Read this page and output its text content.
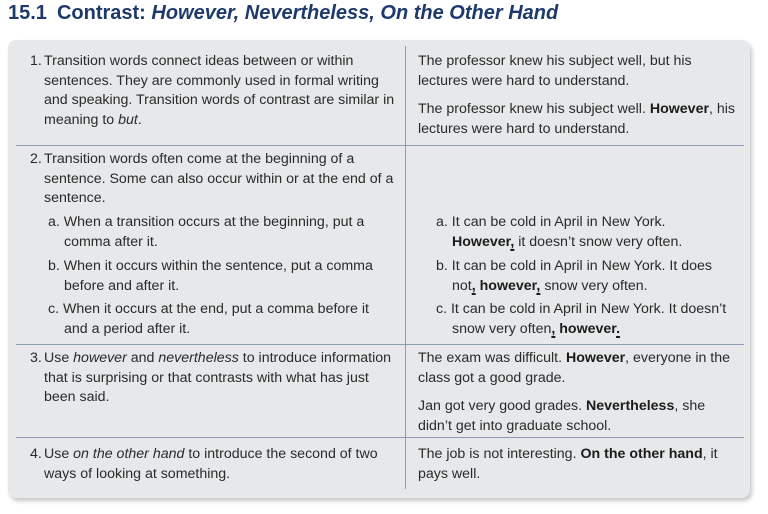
15.1 Contrast: However, Nevertheless, On the Other Hand
1. Transition words connect ideas between or within sentences. They are commonly used in formal writing and speaking. Transition words of contrast are similar in meaning to but.
The professor knew his subject well, but his lectures were hard to understand.
The professor knew his subject well. However, his lectures were hard to understand.
2. Transition words often come at the beginning of a sentence. Some can also occur within or at the end of a sentence.
a. When a transition occurs at the beginning, put a comma after it.
b. When it occurs within the sentence, put a comma before and after it.
c. When it occurs at the end, put a comma before it and a period after it.
a. It can be cold in April in New York.
However, it doesn’t snow very often.
b. It can be cold in April in New York. It does not, however, snow very often.
c. It can be cold in April in New York. It doesn’t snow very often, however.
3. Use however and nevertheless to introduce information that is surprising or that contrasts with what has just been said.
The exam was difficult. However, everyone in the class got a good grade.
Jan got very good grades. Nevertheless, she didn’t get into graduate school.
4. Use on the other hand to introduce the second of two ways of looking at something.
The job is not interesting. On the other hand, it pays well.
